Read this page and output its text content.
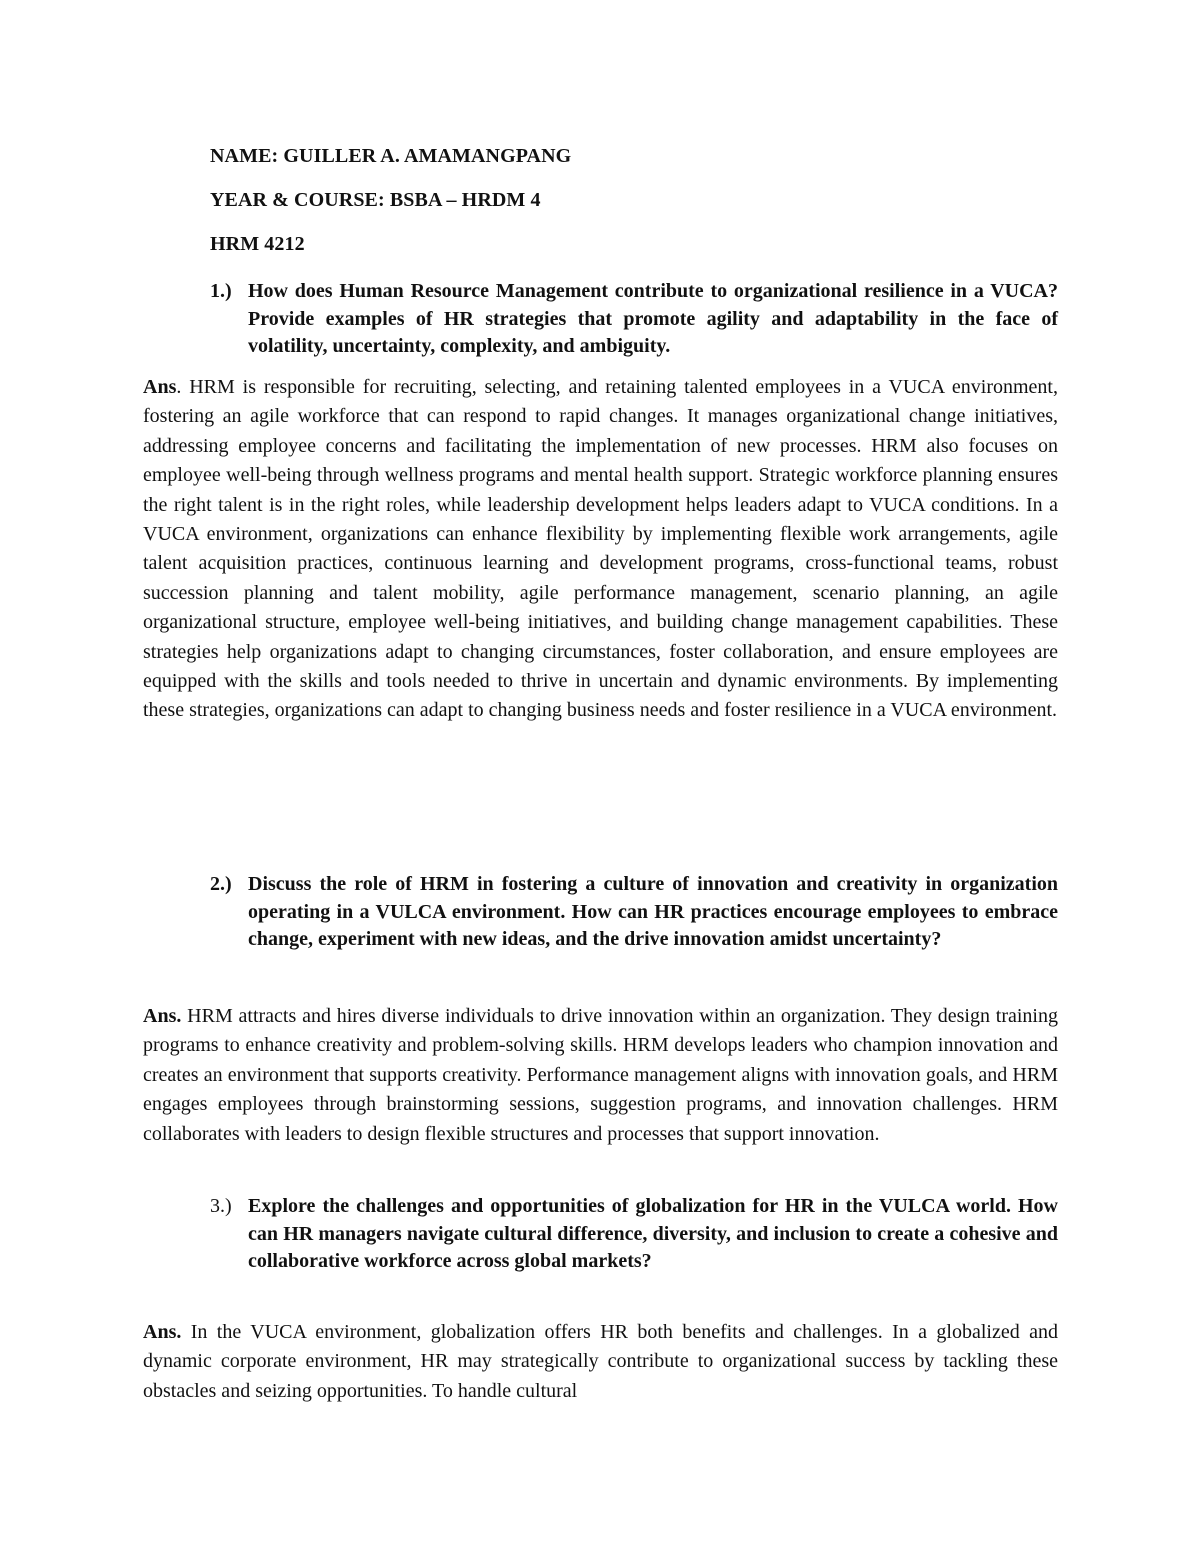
NAME: GUILLER A. AMAMANGPANG
YEAR & COURSE: BSBA – HRDM 4
HRM 4212
1.) How does Human Resource Management contribute to organizational resilience in a VUCA? Provide examples of HR strategies that promote agility and adaptability in the face of volatility, uncertainty, complexity, and ambiguity.
Ans. HRM is responsible for recruiting, selecting, and retaining talented employees in a VUCA environment, fostering an agile workforce that can respond to rapid changes. It manages organizational change initiatives, addressing employee concerns and facilitating the implementation of new processes. HRM also focuses on employee well-being through wellness programs and mental health support. Strategic workforce planning ensures the right talent is in the right roles, while leadership development helps leaders adapt to VUCA conditions. In a VUCA environment, organizations can enhance flexibility by implementing flexible work arrangements, agile talent acquisition practices, continuous learning and development programs, cross-functional teams, robust succession planning and talent mobility, agile performance management, scenario planning, an agile organizational structure, employee well-being initiatives, and building change management capabilities. These strategies help organizations adapt to changing circumstances, foster collaboration, and ensure employees are equipped with the skills and tools needed to thrive in uncertain and dynamic environments. By implementing these strategies, organizations can adapt to changing business needs and foster resilience in a VUCA environment.
2.) Discuss the role of HRM in fostering a culture of innovation and creativity in organization operating in a VULCA environment. How can HR practices encourage employees to embrace change, experiment with new ideas, and the drive innovation amidst uncertainty?
Ans. HRM attracts and hires diverse individuals to drive innovation within an organization. They design training programs to enhance creativity and problem-solving skills. HRM develops leaders who champion innovation and creates an environment that supports creativity. Performance management aligns with innovation goals, and HRM engages employees through brainstorming sessions, suggestion programs, and innovation challenges. HRM collaborates with leaders to design flexible structures and processes that support innovation.
3.) Explore the challenges and opportunities of globalization for HR in the VULCA world. How can HR managers navigate cultural difference, diversity, and inclusion to create a cohesive and collaborative workforce across global markets?
Ans. In the VUCA environment, globalization offers HR both benefits and challenges. In a globalized and dynamic corporate environment, HR may strategically contribute to organizational success by tackling these obstacles and seizing opportunities. To handle cultural
